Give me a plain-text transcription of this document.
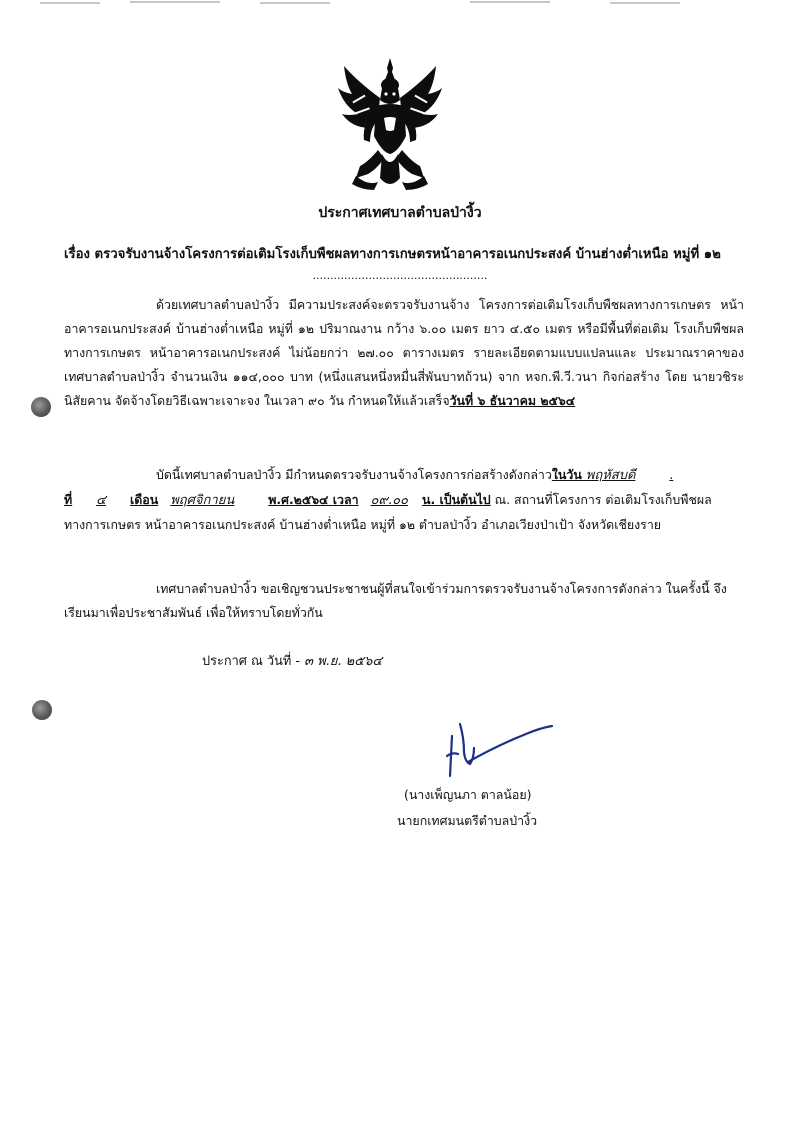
ประกาศเทศบาลตำบลป่างิ้ว
เรื่อง ตรวจรับงานจ้างโครงการต่อเติมโรงเก็บพืชผลทางการเกษตรหน้าอาคารอเนกประสงค์ บ้านฮ่างต่ำเหนือ หมู่ที่ ๑๒
..................................................
ด้วยเทศบาลตำบลป่างิ้ว มีความประสงค์จะตรวจรับงานจ้าง โครงการต่อเติมโรงเก็บพืชผลทางการเกษตร หน้าอาคารอเนกประสงค์ บ้านฮ่างต่ำเหนือ หมู่ที่ ๑๒ ปริมาณงาน กว้าง ๖.๐๐ เมตร ยาว ๔.๕๐ เมตร หรือมีพื้นที่ต่อเติม โรงเก็บพืชผลทางการเกษตร หน้าอาคารอเนกประสงค์ ไม่น้อยกว่า ๒๗.๐๐ ตารางเมตร รายละเอียดตามแบบแปลนและ ประมาณราคาของเทศบาลตำบลป่างิ้ว จำนวนเงิน ๑๑๔,๐๐๐ บาท (หนึ่งแสนหนึ่งหมื่นสี่พันบาทถ้วน) จาก หจก.พี.วี.วนา กิจก่อสร้าง โดย นายวชิระ นิสัยคาน จัดจ้างโดยวิธีเฉพาะเจาะจง ในเวลา ๙๐ วัน กำหนดให้แล้วเสร็จวันที่ ๖ ธันวาคม ๒๕๖๔
บัดนี้เทศบาลตำบลป่างิ้ว มีกำหนดตรวจรับงานจ้างโครงการก่อสร้างดังกล่าวในวัน พฤหัสบดี	.
ที่ ๔ เดือน พฤศจิกายน	พ.ศ.๒๕๖๔ เวลา ๐๙.๐๐ น. เป็นต้นไป ณ. สถานที่โครงการ ต่อเติมโรงเก็บพืชผลทางการเกษตร หน้าอาคารอเนกประสงค์ บ้านฮ่างต่ำเหนือ หมู่ที่ ๑๒ ตำบลป่างิ้ว อำเภอเวียงป่าเป้า จังหวัดเชียงราย
เทศบาลตำบลป่างิ้ว ขอเชิญชวนประชาชนผู้ที่สนใจเข้าร่วมการตรวจรับงานจ้างโครงการดังกล่าว ในครั้งนี้ จึงเรียนมาเพื่อประชาสัมพันธ์ เพื่อให้ทราบโดยทั่วกัน
ประกาศ ณ วันที่ - ๓ พ.ย. ๒๕๖๔
(นางเพ็ญนภา ตาลน้อย)
นายกเทศมนตรีตำบลป่างิ้ว
